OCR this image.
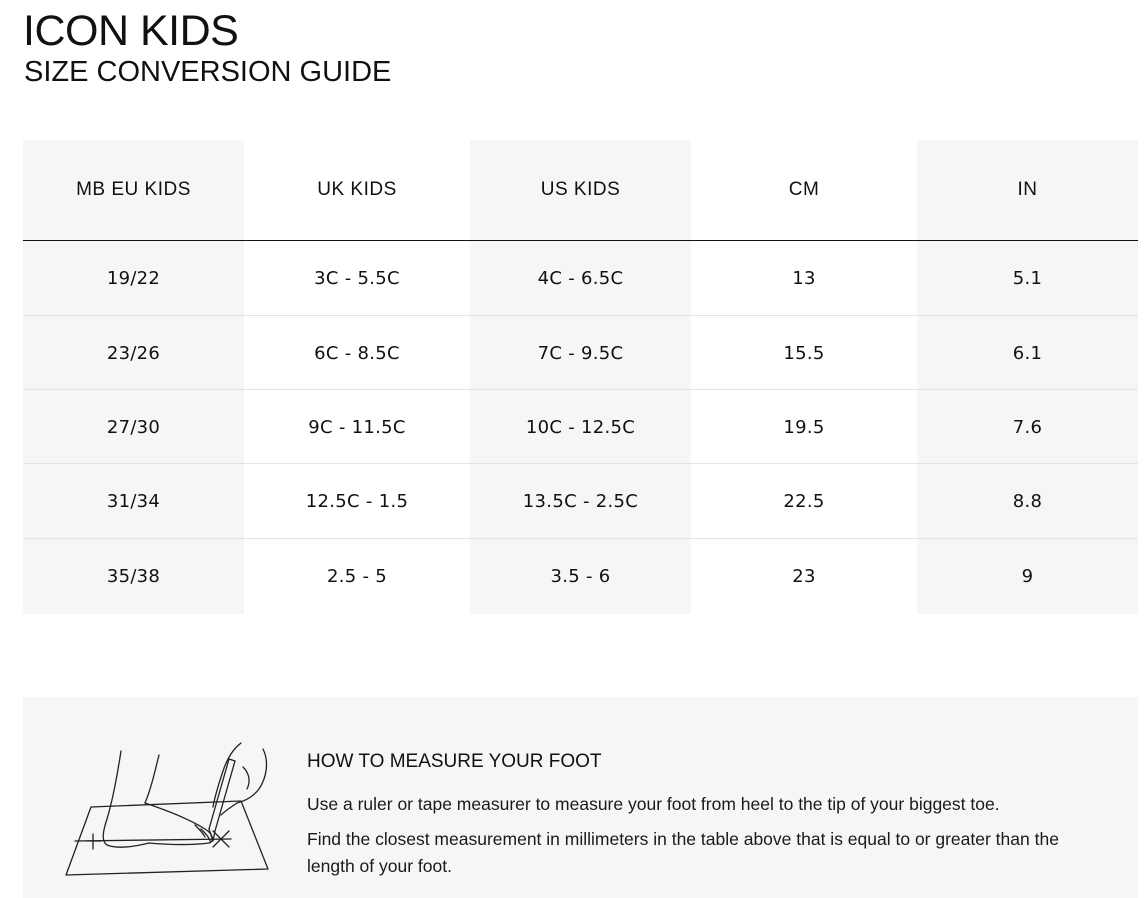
ICON KIDS
SIZE CONVERSION GUIDE
MB EU KIDS	UK KIDS	US KIDS	CM	IN
19/22	3C - 5.5C	4C - 6.5C	13	5.1
23/26	6C - 8.5C	7C - 9.5C	15.5	6.1
27/30	9C - 11.5C	10C - 12.5C	19.5	7.6
31/34	12.5C - 1.5	13.5C - 2.5C	22.5	8.8
35/38	2.5 - 5	3.5 - 6	23	9
HOW TO MEASURE YOUR FOOT

Use a ruler or tape measurer to measure your foot from heel to the tip of your biggest toe.

Find the closest measurement in millimeters in the table above that is equal to or greater than the length of your foot.
